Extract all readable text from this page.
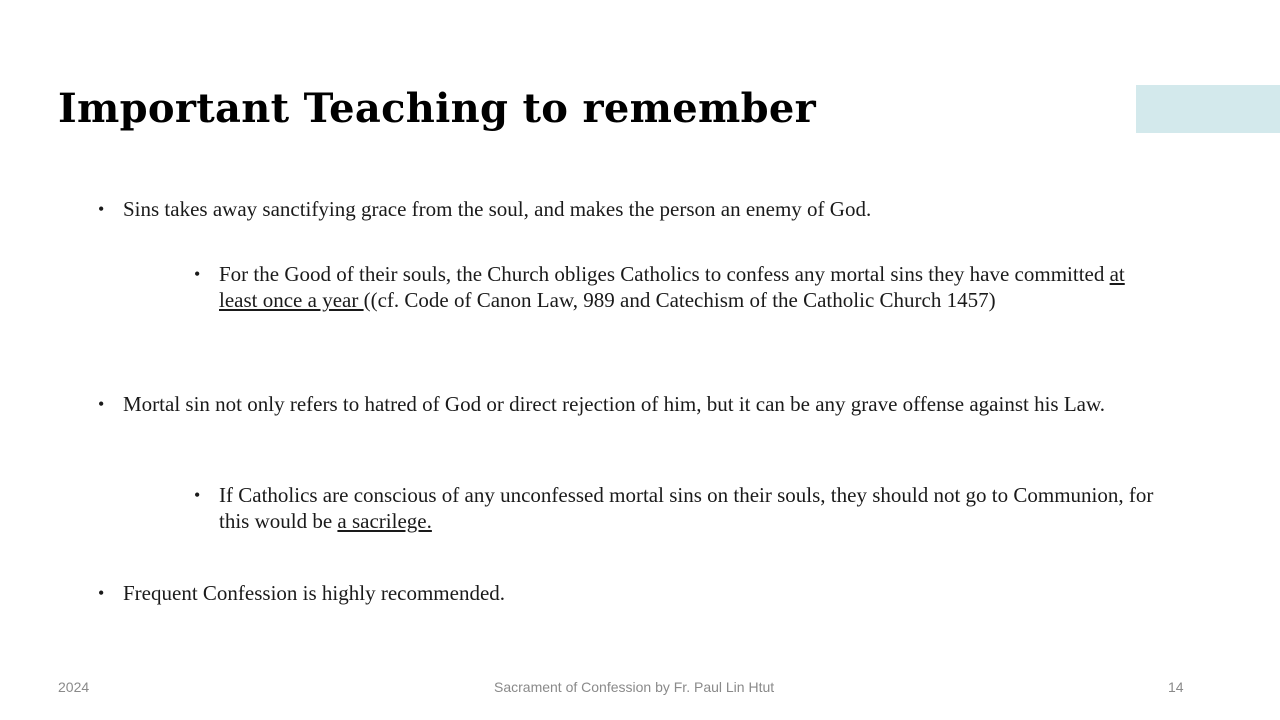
Important Teaching to remember
• Sins takes away sanctifying grace from the soul, and makes the person an enemy of God.
• For the Good of their souls, the Church obliges Catholics to confess any mortal sins they have committed at least once a year ((cf. Code of Canon Law, 989 and Catechism of the Catholic Church 1457)
• Mortal sin not only refers to hatred of God or direct rejection of him, but it can be any grave offense against his Law.
• If Catholics are conscious of any unconfessed mortal sins on their souls, they should not go to Communion, for this would be a sacrilege.
• Frequent Confession is highly recommended.
2024	Sacrament of Confession by Fr. Paul Lin Htut	14
